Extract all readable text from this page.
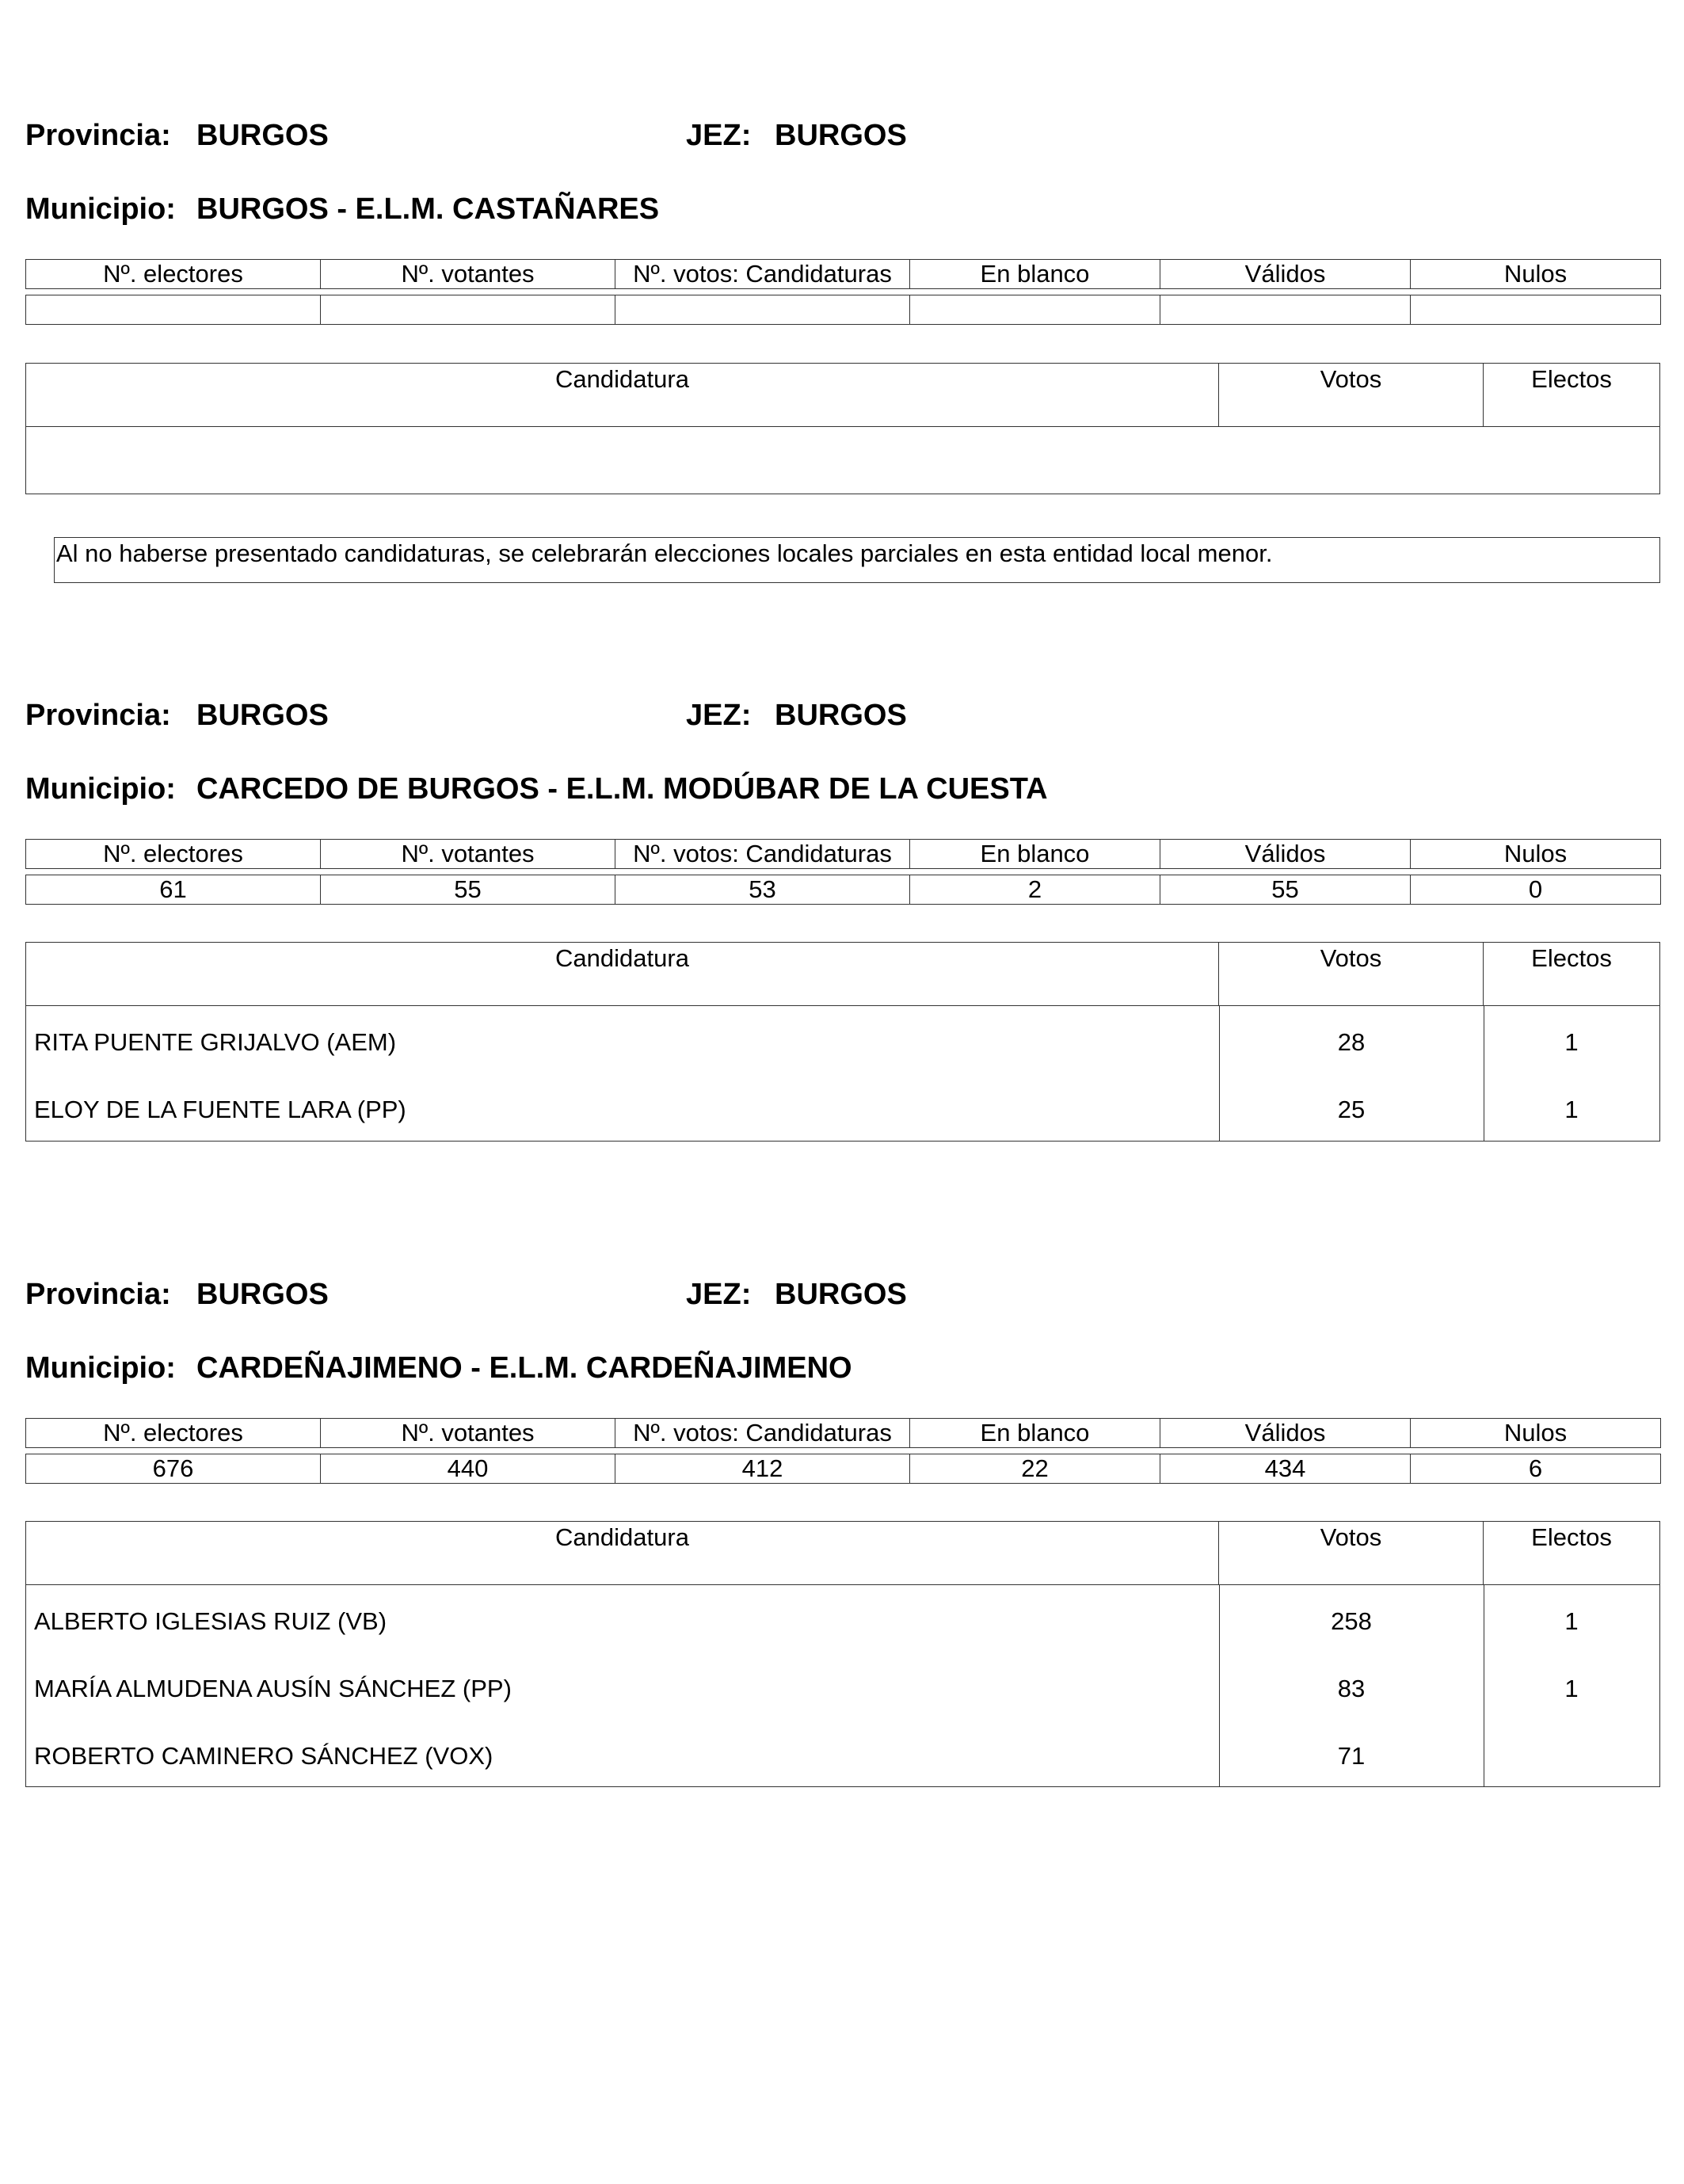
Provincia: BURGOS	JEZ: BURGOS
Municipio: BURGOS - E.L.M. CASTAÑARES
Nº. electores	Nº. votantes	Nº. votos: Candidaturas	En blanco	Válidos	Nulos

Candidatura	Votos	Electos
Al no haberse presentado candidaturas, se celebrarán elecciones locales parciales en esta entidad local menor.
Provincia: BURGOS	JEZ: BURGOS
Municipio: CARCEDO DE BURGOS - E.L.M. MODÚBAR DE LA CUESTA
Nº. electores	Nº. votantes	Nº. votos: Candidaturas	En blanco	Válidos	Nulos

61	55	53	2	55	0
Candidatura	Votos	Electos
RITA PUENTE GRIJALVO (AEM)	28	1
ELOY DE LA FUENTE LARA (PP)	25	1
Provincia: BURGOS	JEZ: BURGOS
Municipio: CARDEÑAJIMENO - E.L.M. CARDEÑAJIMENO
Nº. electores	Nº. votantes	Nº. votos: Candidaturas	En blanco	Válidos	Nulos

676	440	412	22	434	6
Candidatura	Votos	Electos
ALBERTO IGLESIAS RUIZ (VB)	258	1
MARÍA ALMUDENA AUSÍN SÁNCHEZ (PP)	83	1
ROBERTO CAMINERO SÁNCHEZ (VOX)	71
